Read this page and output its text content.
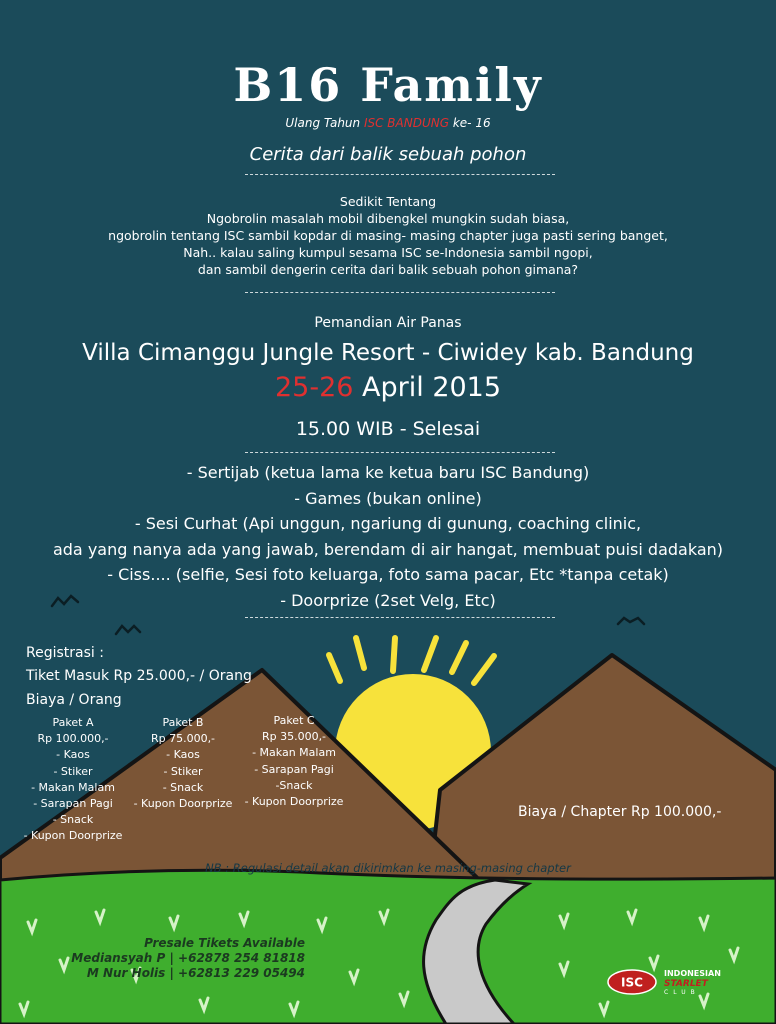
B16 Family
Ulang Tahun ISC BANDUNG ke- 16
Cerita dari balik sebuah pohon
Sedikit Tentang
Ngobrolin masalah mobil dibengkel mungkin sudah biasa,
ngobrolin tentang ISC sambil kopdar di masing- masing chapter juga pasti sering banget,
Nah.. kalau saling kumpul sesama ISC se-Indonesia sambil ngopi,
dan sambil dengerin cerita dari balik sebuah pohon gimana?
Pemandian Air Panas
Villa Cimanggu Jungle Resort - Ciwidey kab. Bandung
25-26 April 2015
15.00 WIB - Selesai
- Sertijab (ketua lama ke ketua baru ISC Bandung)
- Games (bukan online)
- Sesi Curhat (Api unggun, ngariung di gunung, coaching clinic,
ada yang nanya ada yang jawab, berendam di air hangat, membuat puisi dadakan)
- Ciss.... (selfie, Sesi foto keluarga, foto sama pacar, Etc *tanpa cetak)
- Doorprize (2set Velg, Etc)
Registrasi :
Tiket Masuk Rp 25.000,- / Orang
Biaya / Orang
Paket A
Rp 100.000,-
- Kaos
- Stiker
- Makan Malam
- Sarapan Pagi
- Snack
- Kupon Doorprize
Paket B
Rp 75.000,-
- Kaos
- Stiker
- Snack
- Kupon Doorprize
Paket C
Rp 35.000,-
- Makan Malam
- Sarapan Pagi
-Snack
- Kupon Doorprize
Biaya / Chapter Rp 100.000,-
NB : Regulasi detail akan dikirimkan ke masing-masing chapter
Presale Tikets Available
Mediansyah P | +62878 254 81818
M Nur Holis | +62813 229 05494
ISC
INDONESIAN
STARLET
CLUB
